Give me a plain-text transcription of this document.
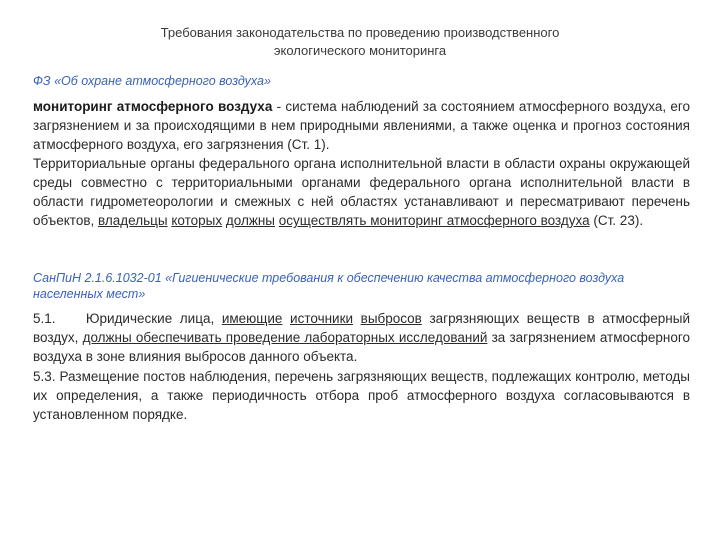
Требования законодательства по проведению производственного
экологического мониторинга
ФЗ «Об охране атмосферного воздуха»
мониторинг атмосферного воздуха - система наблюдений за состоянием атмосферного воздуха, его загрязнением и за происходящими в нем природными явлениями, а также оценка и прогноз состояния атмосферного воздуха, его загрязнения (Ст. 1).
Территориальные органы федерального органа исполнительной власти в области охраны окружающей среды совместно с территориальными органами федерального органа исполнительной власти в области гидрометеорологии и смежных с ней областях устанавливают и пересматривают перечень объектов, владельцы которых должны осуществлять мониторинг атмосферного воздуха (Ст. 23).
СанПиН 2.1.6.1032-01 «Гигиенические требования к обеспечению качества атмосферного воздуха населенных мест»
5.1.    Юридические лица, имеющие источники выбросов загрязняющих веществ в атмосферный воздух, должны обеспечивать проведение лабораторных исследований за загрязнением атмосферного воздуха в зоне влияния выбросов данного объекта.
5.3. Размещение постов наблюдения, перечень загрязняющих веществ, подлежащих контролю, методы их определения, а также периодичность отбора проб атмосферного воздуха согласовываются в установленном порядке.
